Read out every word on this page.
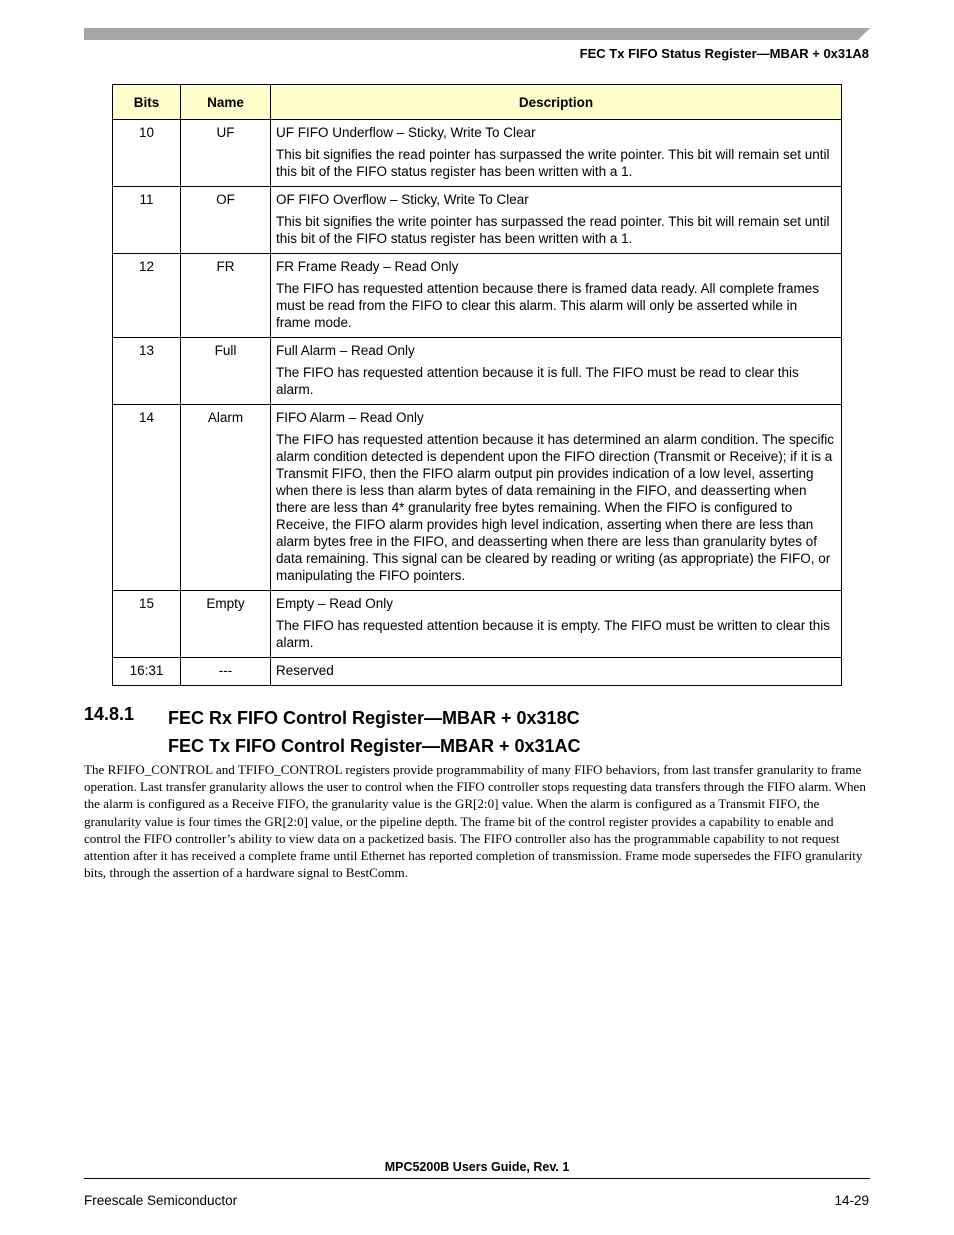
FEC Tx FIFO Status Register—MBAR + 0x31A8
Bits	Name	Description
10	UF	UF FIFO Underflow – Sticky, Write To Clear

This bit signifies the read pointer has surpassed the write pointer. This bit will remain set until this bit of the FIFO status register has been written with a 1.

11	OF	OF FIFO Overflow – Sticky, Write To Clear

This bit signifies the write pointer has surpassed the read pointer. This bit will remain set until this bit of the FIFO status register has been written with a 1.

12	FR	FR Frame Ready – Read Only

The FIFO has requested attention because there is framed data ready. All complete frames must be read from the FIFO to clear this alarm. This alarm will only be asserted while in frame mode.

13	Full	Full Alarm – Read Only

The FIFO has requested attention because it is full. The FIFO must be read to clear this alarm.

14	Alarm	FIFO Alarm – Read Only

The FIFO has requested attention because it has determined an alarm condition. The specific alarm condition detected is dependent upon the FIFO direction (Transmit or Receive); if it is a Transmit FIFO, then the FIFO alarm output pin provides indication of a low level, asserting when there is less than alarm bytes of data remaining in the FIFO, and deasserting when there are less than 4* granularity free bytes remaining. When the FIFO is configured to Receive, the FIFO alarm provides high level indication, asserting when there are less than alarm bytes free in the FIFO, and deasserting when there are less than granularity bytes of data remaining. This signal can be cleared by reading or writing (as appropriate) the FIFO, or manipulating the FIFO pointers.

15	Empty	Empty – Read Only

The FIFO has requested attention because it is empty. The FIFO must be written to clear this alarm.

16:31	---	Reserved

14.8.1 FEC Rx FIFO Control Register—MBAR + 0x318C
FEC Tx FIFO Control Register—MBAR + 0x31AC

The RFIFO_CONTROL and TFIFO_CONTROL registers provide programmability of many FIFO behaviors, from last transfer granularity to frame operation. Last transfer granularity allows the user to control when the FIFO controller stops requesting data transfers through the FIFO alarm. When the alarm is configured as a Receive FIFO, the granularity value is the GR[2:0] value. When the alarm is configured as a Transmit FIFO, the granularity value is four times the GR[2:0] value, or the pipeline depth. The frame bit of the control register provides a capability to enable and control the FIFO controller’s ability to view data on a packetized basis. The FIFO controller also has the programmable capability to not request attention after it has received a complete frame until Ethernet has reported completion of transmission. Frame mode supersedes the FIFO granularity bits, through the assertion of a hardware signal to BestComm.

MPC5200B Users Guide, Rev. 1
Freescale Semiconductor	14-29
